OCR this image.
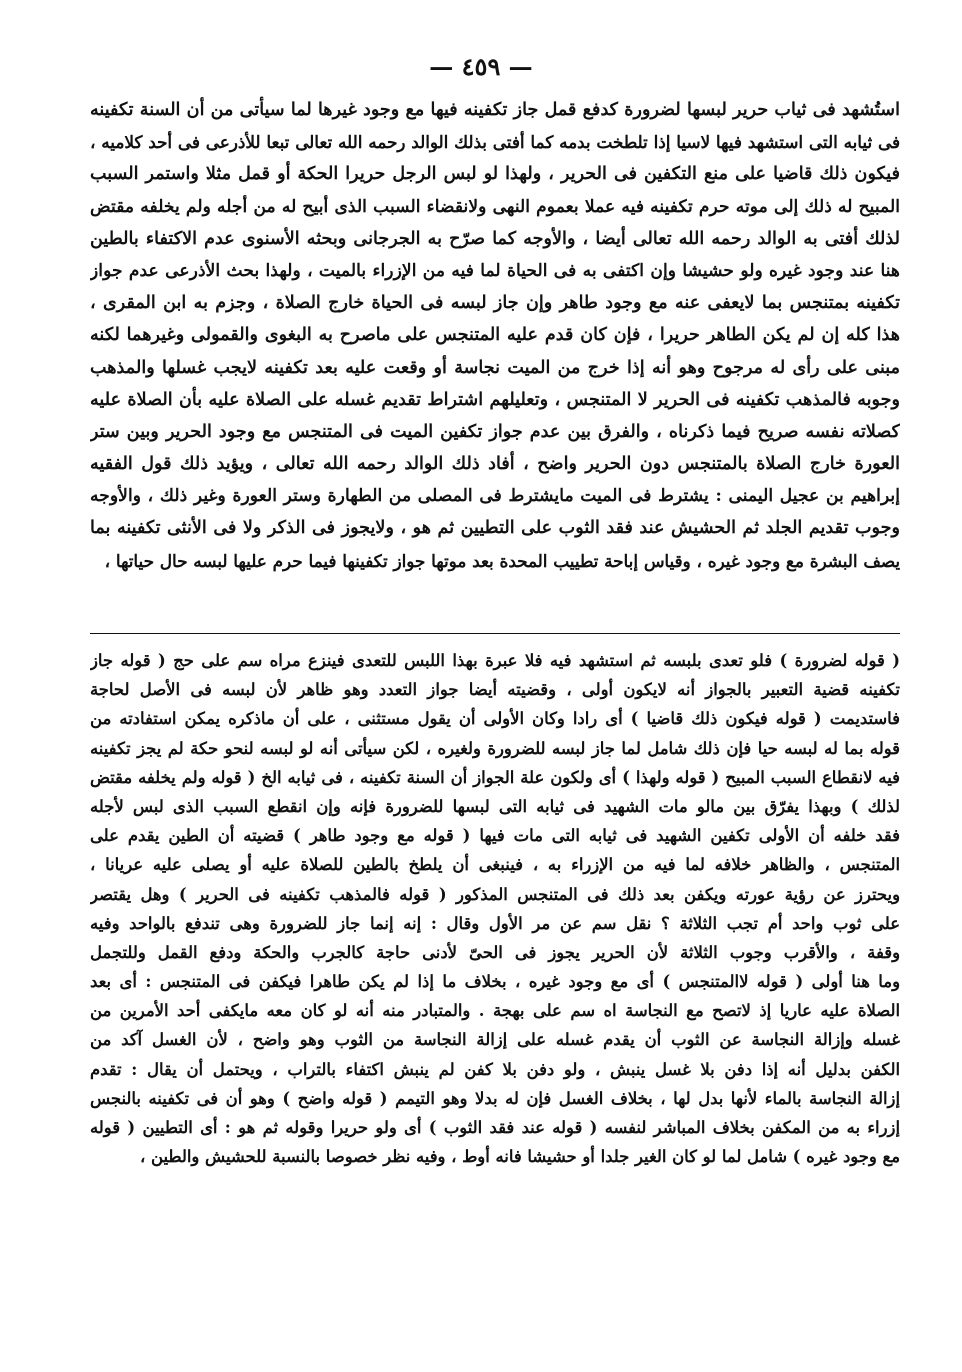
— ٤٥٩ —
استُشهد فى ثياب حرير لبسها لضرورة كدفع قمل جاز تكفينه فيها مع وجود غيرها لما سيأتى من أن السنة تكفينه
فى ثيابه التى استشهد فيها لاسيا إذا تلطخت بدمه كما أفتى بذلك الوالد رحمه الله تعالى تبعا للأذرعى فى أحد كلاميه ،
فيكون ذلك قاضيا على منع التكفين فى الحرير ، ولهذا لو لبس الرجل حريرا الحكة أو قمل مثلا واستمر السبب
المبيح له ذلك إلى موته حرم تكفينه فيه عملا بعموم النهى ولانقضاء السبب الذى أبيح له من أجله ولم يخلفه مقتض
لذلك أفتى به الوالد رحمه الله تعالى أيضا ، والأوجه كما صرّح به الجرجانى وبحثه الأسنوى عدم الاكتفاء بالطين
هنا عند وجود غيره ولو حشيشا وإن اكتفى به فى الحياة لما فيه من الإزراء بالميت ، ولهذا بحث الأذرعى عدم جواز
تكفينه بمتنجس بما لايعفى عنه مع وجود طاهر وإن جاز لبسه فى الحياة خارج الصلاة ، وجزم به ابن المقرى ،
هذا كله إن لم يكن الطاهر حريرا ، فإن كان قدم عليه المتنجس على ماصرح به البغوى والقمولى وغيرهما لكنه
مبنى على رأى له مرجوح وهو أنه إذا خرج من الميت نجاسة أو وقعت عليه بعد تكفينه لايجب غسلها والمذهب
وجوبه فالمذهب تكفينه فى الحرير لا المتنجس ، وتعليلهم اشتراط تقديم غسله على الصلاة عليه بأن الصلاة عليه
كصلاته نفسه صريح فيما ذكرناه ، والفرق بين عدم جواز تكفين الميت فى المتنجس مع وجود الحرير وبين ستر
العورة خارج الصلاة بالمتنجس دون الحرير واضح ، أفاد ذلك الوالد رحمه الله تعالى ، ويؤيد ذلك قول الفقيه
إبراهيم بن عجيل اليمنى : يشترط فى الميت مايشترط فى المصلى من الطهارة وستر العورة وغير ذلك ، والأوجه
وجوب تقديم الجلد ثم الحشيش عند فقد الثوب على التطيين ثم هو ، ولايجوز فى الذكر ولا فى الأنثى تكفينه بما
يصف البشرة مع وجود غيره ، وقياس إباحة تطييب المحدة بعد موتها جواز تكفينها فيما حرم عليها لبسه حال حياتها ،
( قوله لضرورة ) فلو تعدى بلبسه ثم استشهد فيه فلا عبرة بهذا اللبس للتعدى فينزع مراه سم على حج ( قوله جاز
تكفينه قضية التعبير بالجواز أنه لايكون أولى ، وقضيته أيضا جواز التعدد وهو ظاهر لأن لبسه فى الأصل لحاجة
فاستديمت ( قوله فيكون ذلك قاضيا ) أى رادا وكان الأولى أن يقول مستثنى ، على أن ماذكره يمكن استفادته من
قوله بما له لبسه حيا فإن ذلك شامل لما جاز لبسه للضرورة ولغيره ، لكن سيأتى أنه لو لبسه لنحو حكة لم يجز تكفينه
فيه لانقطاع السبب المبيح ( قوله ولهذا ) أى ولكون علة الجواز أن السنة تكفينه ، فى ثيابه الخ ( قوله ولم يخلفه مقتض
لذلك ) وبهذا يفرّق بين مالو مات الشهيد فى ثيابه التى لبسها للضرورة فإنه وإن انقطع السبب الذى لبس لأجله
فقد خلفه أن الأولى تكفين الشهيد فى ثيابه التى مات فيها ( قوله مع وجود طاهر ) قضيته أن الطين يقدم على
المتنجس ، والظاهر خلافه لما فيه من الإزراء به ، فينبغى أن يلطخ بالطين للصلاة عليه أو يصلى عليه عريانا ،
ويحترز عن رؤية عورته ويكفن بعد ذلك فى المتنجس المذكور ( قوله فالمذهب تكفينه فى الحرير ) وهل يقتصر
على ثوب واحد أم تجب الثلاثة ؟ نقل سم عن مر الأول وقال : إنه إنما جاز للضرورة وهى تندفع بالواحد وفيه
وقفة ، والأقرب وجوب الثلاثة لأن الحرير يجوز فى الحىّ لأدنى حاجة كالجرب والحكة ودفع القمل وللتجمل
وما هنا أولى ( قوله لاالمتنجس ) أى مع وجود غيره ، بخلاف ما إذا لم يكن طاهرا فيكفن فى المتنجس : أى بعد
الصلاة عليه عاريا إذ لاتصح مع النجاسة اه سم على بهجة . والمتبادر منه أنه لو كان معه مايكفى أحد الأمرين من
غسله وإزالة النجاسة عن الثوب أن يقدم غسله على إزالة النجاسة من الثوب وهو واضح ، لأن الغسل آكد من
الكفن بدليل أنه إذا دفن بلا غسل ينبش ، ولو دفن بلا كفن لم ينبش اكتفاء بالتراب ، ويحتمل أن يقال : تقدم
إزالة النجاسة بالماء لأنها بدل لها ، بخلاف الغسل فإن له بدلا وهو التيمم ( قوله واضح ) وهو أن فى تكفينه بالنجس
إزراء به من المكفن بخلاف المباشر لنفسه ( قوله عند فقد الثوب ) أى ولو حريرا وقوله ثم هو : أى التطيين ( قوله
مع وجود غيره ) شامل لما لو كان الغير جلدا أو حشيشا فانه أوط ، وفيه نظر خصوصا بالنسبة للحشيش والطين ،
